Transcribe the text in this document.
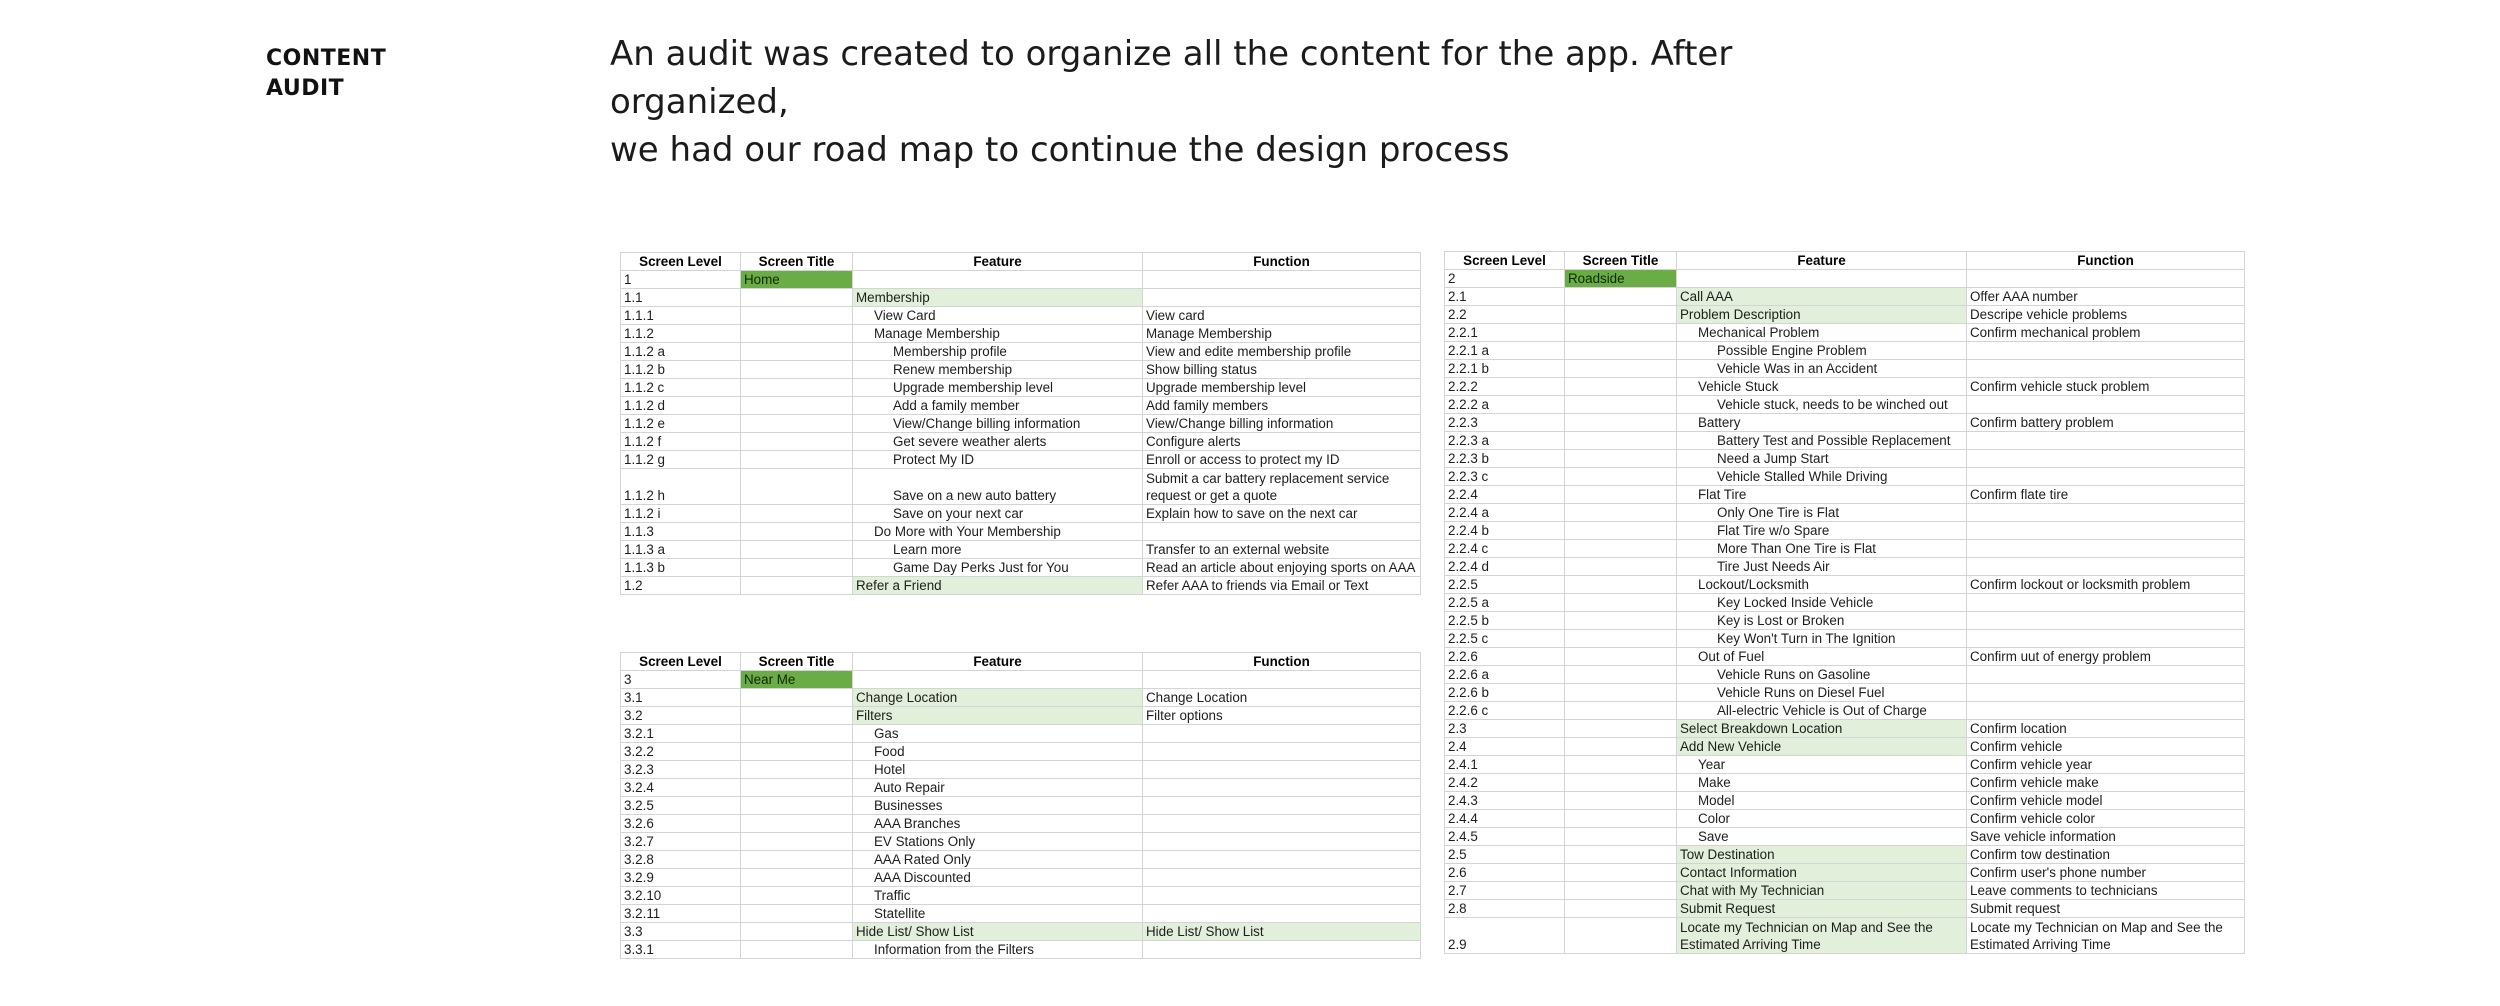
CONTENT
AUDIT

An audit was created to organize all the content for the app. After organized,
we had our road map to continue the design process

Screen Level	Screen Title	Feature	Function
1	Home		
1.1		Membership	
1.1.1		View Card	View card
1.1.2		Manage Membership	Manage Membership
1.1.2 a		Membership profile	View and edite membership profile
1.1.2 b		Renew membership	Show billing status
1.1.2 c		Upgrade membership level	Upgrade membership level
1.1.2 d		Add a family member	Add family members
1.1.2 e		View/Change billing information	View/Change billing information
1.1.2 f		Get severe weather alerts	Configure alerts
1.1.2 g		Protect My ID	Enroll or access to protect my ID
1.1.2 h		Save on a new auto battery	Submit a car battery replacement service request or get a quote
1.1.2 i		Save on your next car	Explain how to save on the next car
1.1.3		Do More with Your Membership	
1.1.3 a		Learn more	Transfer to an external website
1.1.3 b		Game Day Perks Just for You	Read an article about enjoying sports on AAA
1.2		Refer a Friend	Refer AAA to friends via Email or Text
Screen Level	Screen Title	Feature	Function
3	Near Me		
3.1		Change Location	Change Location
3.2		Filters	Filter options
3.2.1		Gas	
3.2.2		Food	
3.2.3		Hotel	
3.2.4		Auto Repair	
3.2.5		Businesses	
3.2.6		AAA Branches	
3.2.7		EV Stations Only	
3.2.8		AAA Rated Only	
3.2.9		AAA Discounted	
3.2.10		Traffic	
3.2.11		Statellite	
3.3		Hide List/ Show List	Hide List/ Show List
3.3.1		Information from the Filters	
Screen Level	Screen Title	Feature	Function
2	Roadside		
2.1		Call AAA	Offer AAA number
2.2		Problem Description	Descripe vehicle problems
2.2.1		Mechanical Problem	Confirm mechanical problem
2.2.1 a		Possible Engine Problem	
2.2.1 b		Vehicle Was in an Accident	
2.2.2		Vehicle Stuck	Confirm vehicle stuck problem
2.2.2 a		Vehicle stuck, needs to be winched out	
2.2.3		Battery	Confirm battery problem
2.2.3 a		Battery Test and Possible Replacement	
2.2.3 b		Need a Jump Start	
2.2.3 c		Vehicle Stalled While Driving	
2.2.4		Flat Tire	Confirm flate tire
2.2.4 a		Only One Tire is Flat	
2.2.4 b		Flat Tire w/o Spare	
2.2.4 c		More Than One Tire is Flat	
2.2.4 d		Tire Just Needs Air	
2.2.5		Lockout/Locksmith	Confirm lockout or locksmith problem
2.2.5 a		Key Locked Inside Vehicle	
2.2.5 b		Key is Lost or Broken	
2.2.5 c		Key Won't Turn in The Ignition	
2.2.6		Out of Fuel	Confirm uut of energy problem
2.2.6 a		Vehicle Runs on Gasoline	
2.2.6 b		Vehicle Runs on Diesel Fuel	
2.2.6 c		All-electric Vehicle is Out of Charge	
2.3		Select Breakdown Location	Confirm location
2.4		Add New Vehicle	Confirm vehicle
2.4.1		Year	Confirm vehicle year
2.4.2		Make	Confirm vehicle make
2.4.3		Model	Confirm vehicle model
2.4.4		Color	Confirm vehicle color
2.4.5		Save	Save vehicle information
2.5		Tow Destination	Confirm tow destination
2.6		Contact Information	Confirm user's phone number
2.7		Chat with My Technician	Leave comments to technicians
2.8		Submit Request	Submit request
2.9		Locate my Technician on Map and See the Estimated Arriving Time	Locate my Technician on Map and See the Estimated Arriving Time
